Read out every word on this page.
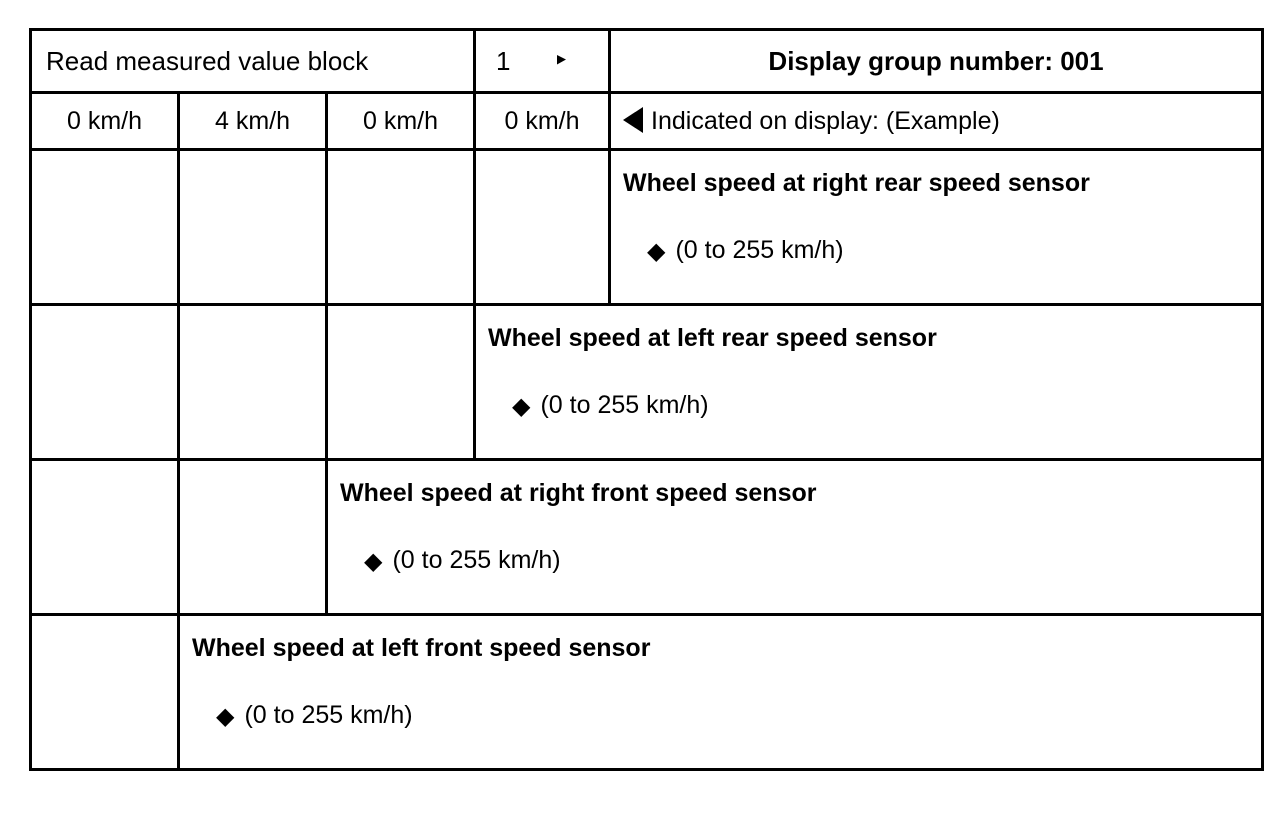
Read measured value block			1	Display group number: 001

0 km/h	4 km/h	0 km/h	0 km/h	Indicated on display: (Example)

				Wheel speed at right rear speed sensor
◆ (0 to 255 km/h)

			Wheel speed at left rear speed sensor
◆ (0 to 255 km/h)	

		Wheel speed at right front speed sensor
◆ (0 to 255 km/h)		

	Wheel speed at left front speed sensor
◆ (0 to 255 km/h)			
